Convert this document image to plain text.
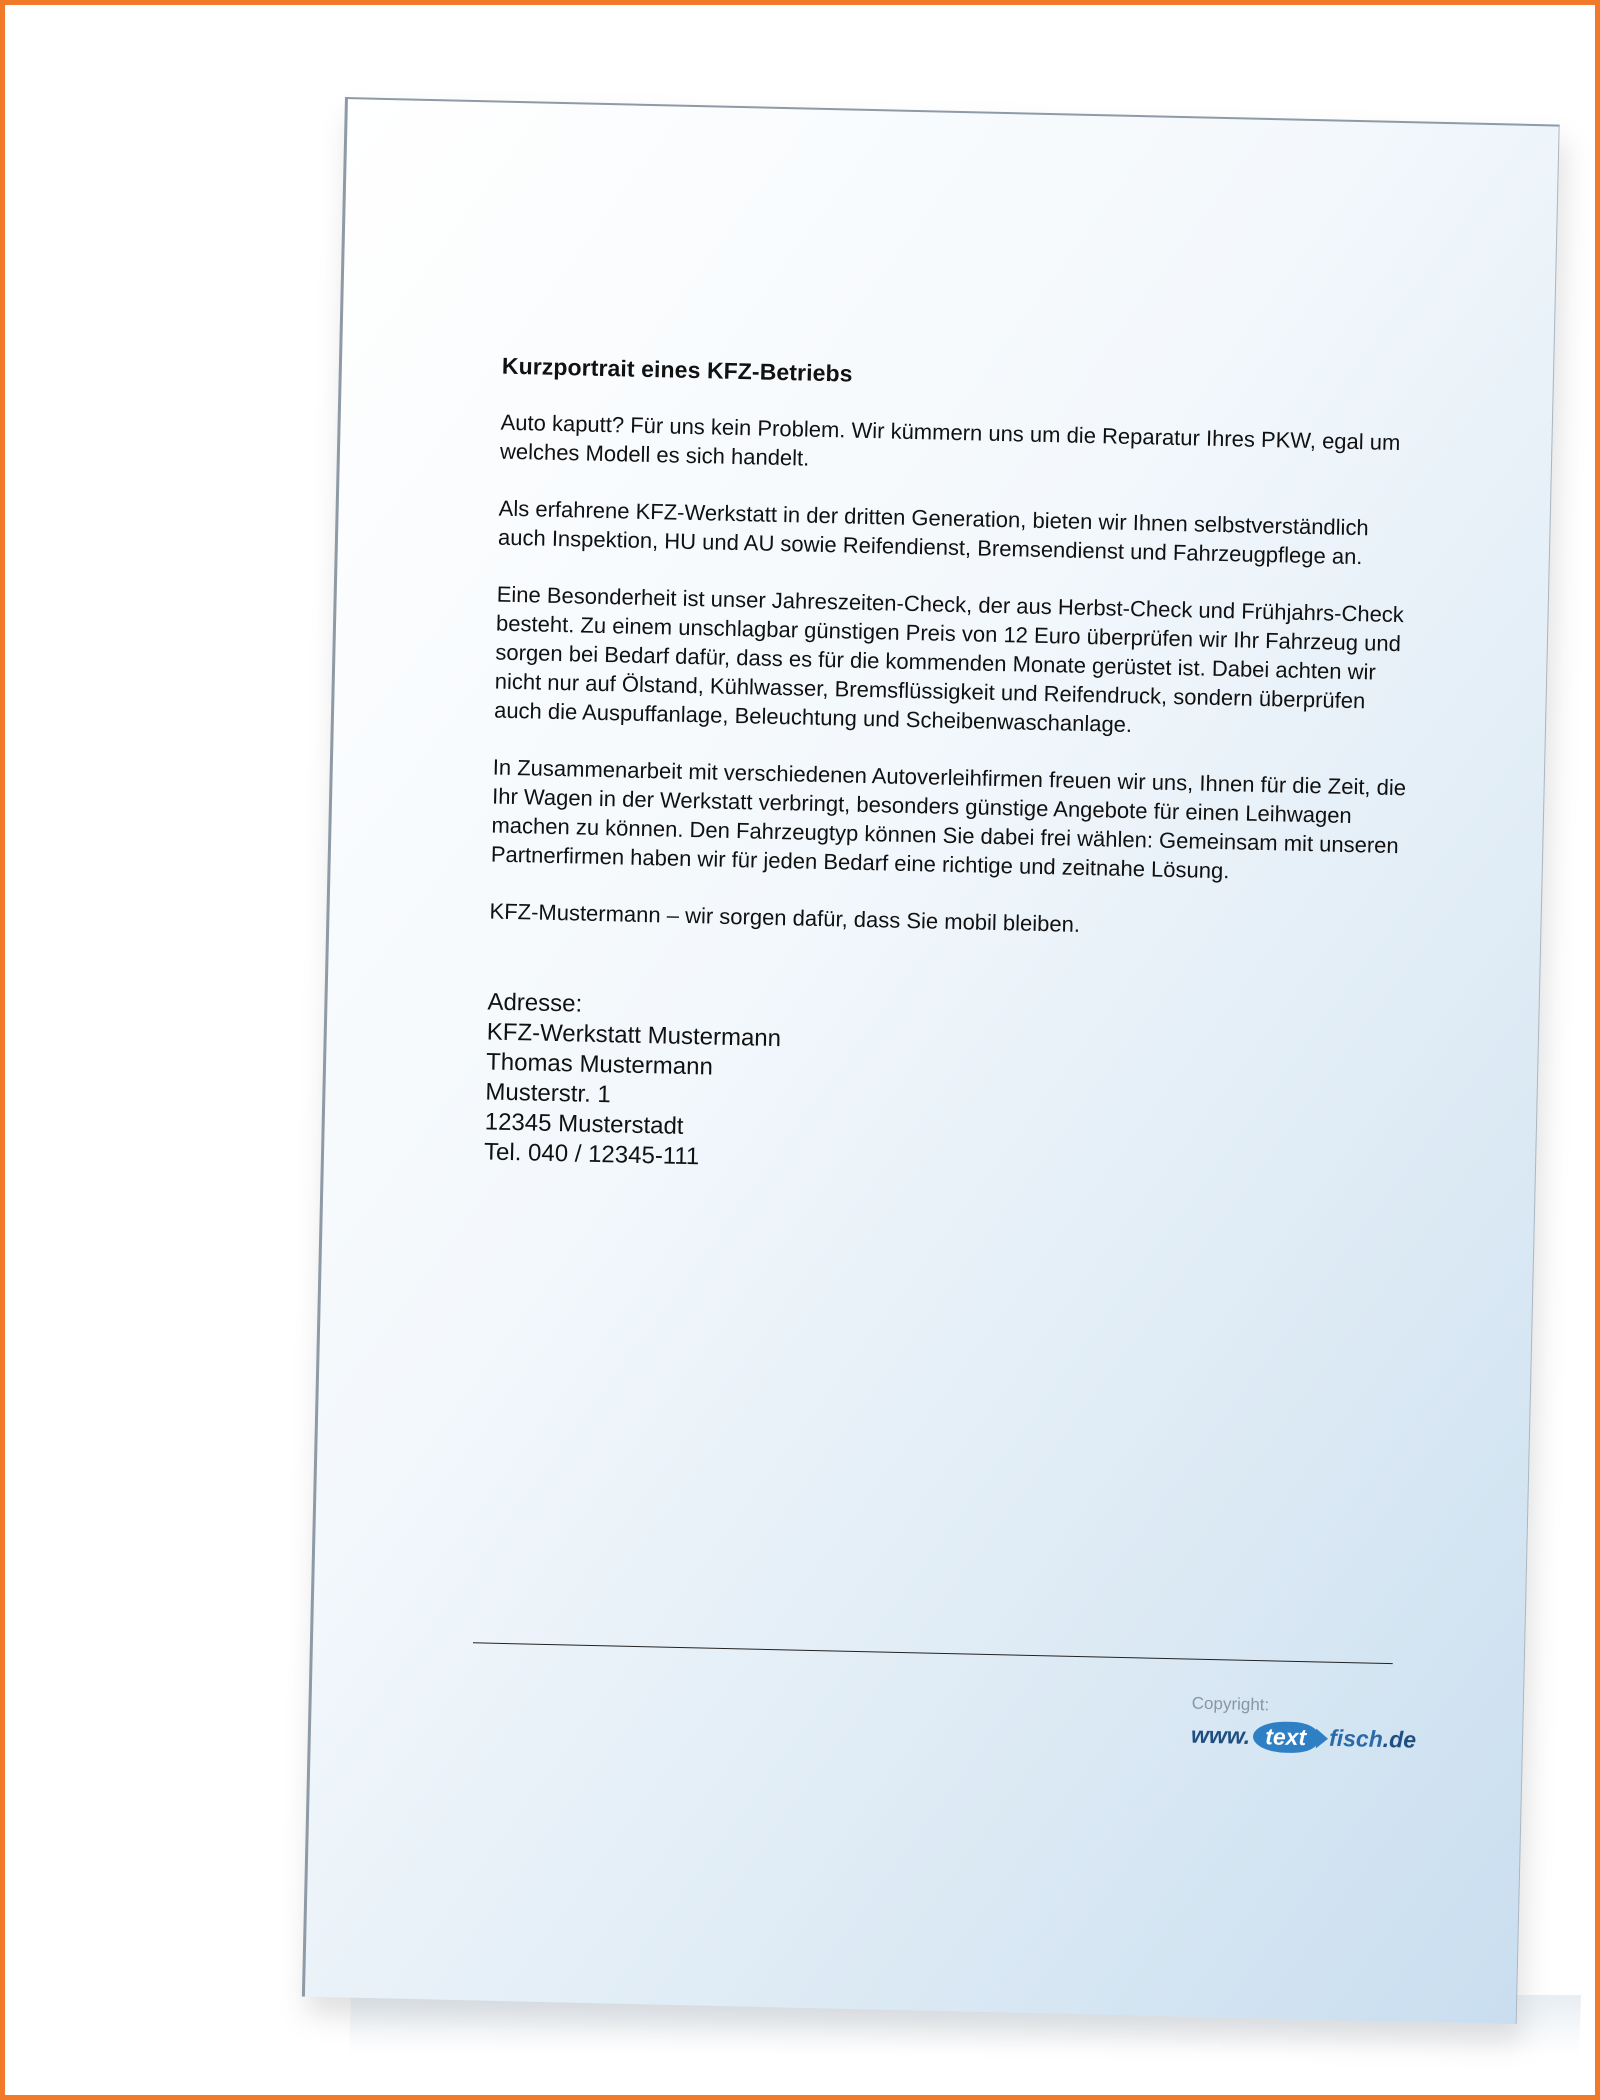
Kurzportrait eines KFZ-Betriebs

Auto kaputt? Für uns kein Problem. Wir kümmern uns um die Reparatur Ihres PKW, egal um welches Modell es sich handelt.

Als erfahrene KFZ-Werkstatt in der dritten Generation, bieten wir Ihnen selbstverständlich auch Inspektion, HU und AU sowie Reifendienst, Bremsendienst und Fahrzeugpflege an.

Eine Besonderheit ist unser Jahreszeiten-Check, der aus Herbst-Check und Frühjahrs-Check besteht. Zu einem unschlagbar günstigen Preis von 12 Euro überprüfen wir Ihr Fahrzeug und sorgen bei Bedarf dafür, dass es für die kommenden Monate gerüstet ist. Dabei achten wir nicht nur auf Ölstand, Kühlwasser, Bremsflüssigkeit und Reifendruck, sondern überprüfen auch die Auspuffanlage, Beleuchtung und Scheibenwaschanlage.

In Zusammenarbeit mit verschiedenen Autoverleihfirmen freuen wir uns, Ihnen für die Zeit, die Ihr Wagen in der Werkstatt verbringt, besonders günstige Angebote für einen Leihwagen machen zu können. Den Fahrzeugtyp können Sie dabei frei wählen: Gemeinsam mit unseren Partnerfirmen haben wir für jeden Bedarf eine richtige und zeitnahe Lösung.

KFZ-Mustermann – wir sorgen dafür, dass Sie mobil bleiben.

Adresse:
KFZ-Werkstatt Mustermann
Thomas Mustermann
Musterstr. 1
12345 Musterstadt
Tel. 040 / 12345-111
Copyright:
www. text fisch .de
